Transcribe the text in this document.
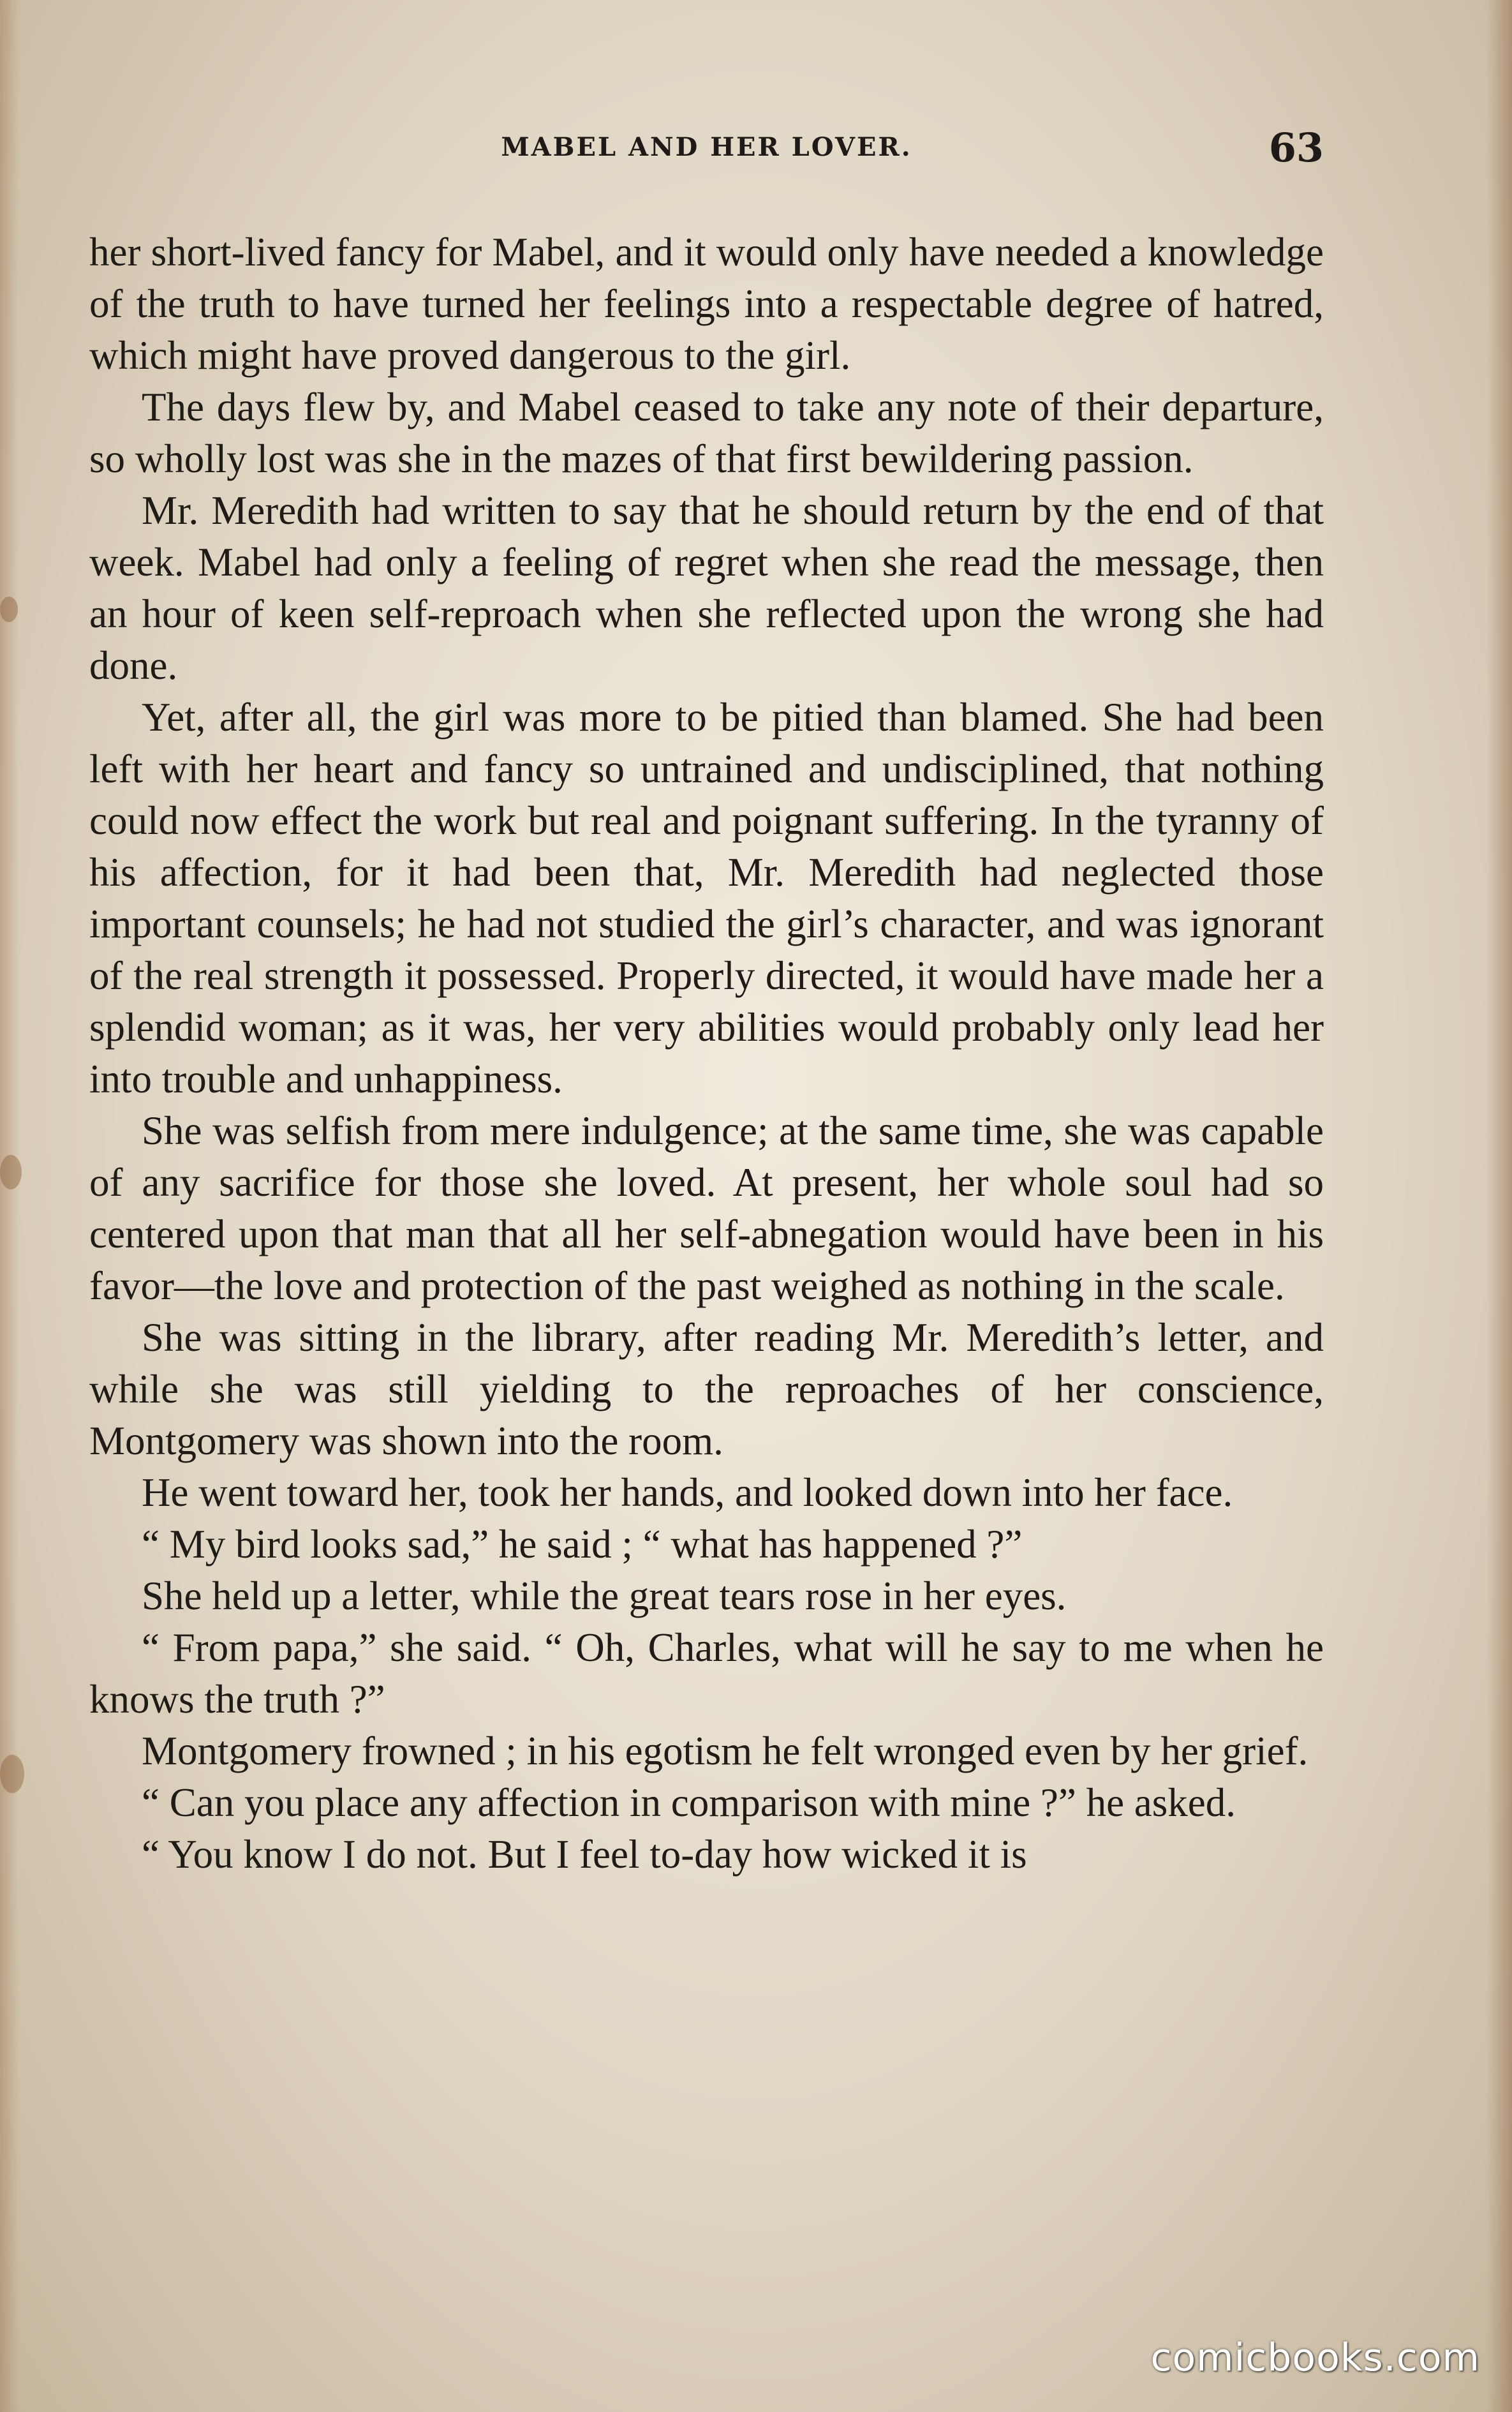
MABEL AND HER LOVER.	63

her short-lived fancy for Mabel, and it would only have needed a knowledge of the truth to have turned her feelings into a respectable degree of hatred, which might have proved dangerous to the girl.

The days flew by, and Mabel ceased to take any note of their departure, so wholly lost was she in the mazes of that first bewildering passion.

Mr. Meredith had written to say that he should return by the end of that week. Mabel had only a feeling of regret when she read the message, then an hour of keen self-reproach when she reflected upon the wrong she had done.

Yet, after all, the girl was more to be pitied than blamed. She had been left with her heart and fancy so untrained and undisciplined, that nothing could now effect the work but real and poignant suffering. In the tyranny of his affection, for it had been that, Mr. Meredith had neglected those important counsels; he had not studied the girl’s character, and was ignorant of the real strength it possessed. Properly directed, it would have made her a splendid woman; as it was, her very abilities would probably only lead her into trouble and unhappiness.

She was selfish from mere indulgence; at the same time, she was capable of any sacrifice for those she loved. At present, her whole soul had so centered upon that man that all her self-abnegation would have been in his favor—the love and protection of the past weighed as nothing in the scale.

She was sitting in the library, after reading Mr. Meredith’s letter, and while she was still yielding to the reproaches of her conscience, Montgomery was shown into the room.

He went toward her, took her hands, and looked down into her face.

“ My bird looks sad,” he said ; “ what has happened ?”

She held up a letter, while the great tears rose in her eyes.

“ From papa,” she said. “ Oh, Charles, what will he say to me when he knows the truth ?”

Montgomery frowned ; in his egotism he felt wronged even by her grief.

“ Can you place any affection in comparison with mine ?” he asked.

“ You know I do not. But I feel to-day how wicked it is

comicbooks.com
